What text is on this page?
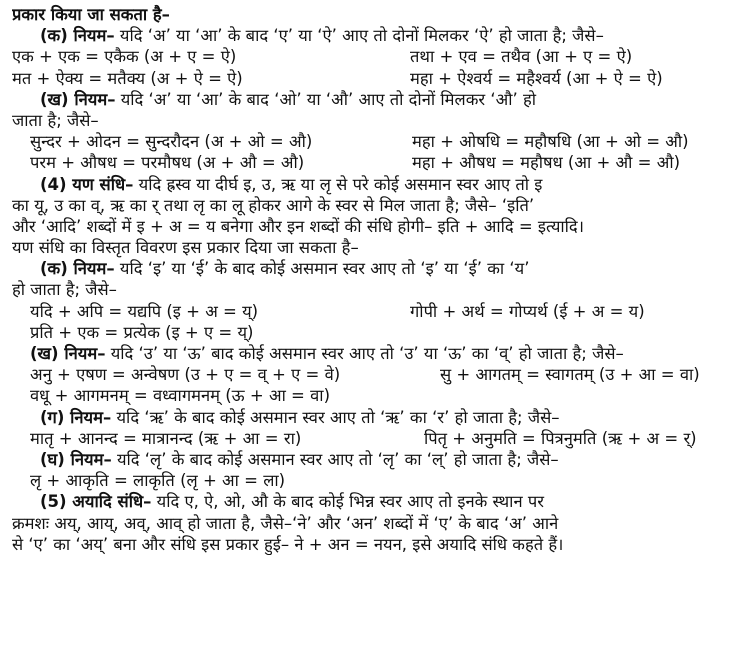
प्रकार किया जा सकता है–
(क) नियम– यदि ‘अ’ या ‘आ’ के बाद ‘ए’ या ‘ऐ’ आए तो दोनों मिलकर ‘ऐ’ हो जाता है; जैसे–
एक + एक = एकैक (अ + ए = ऐ)	तथा + एव = तथैव (आ + ए = ऐ)
मत + ऐक्य = मतैक्य (अ + ऐ = ऐ)	महा + ऐश्वर्य = महैश्वर्य (आ + ऐ = ऐ)
(ख) नियम– यदि ‘अ’ या ‘आ’ के बाद ‘ओ’ या ‘औ’ आए तो दोनों मिलकर ‘औ’ हो
जाता है; जैसे–
सुन्दर + ओदन = सुन्दरौदन (अ + ओ = औ)	महा + ओषधि = महौषधि (आ + ओ = औ)
परम + औषध = परमौषध (अ + औ = औ)	महा + औषध = महौषध (आ + औ = औ)
(4) यण संधि– यदि ह्रस्व या दीर्घ इ, उ, ऋ या लृ से परे कोई असमान स्वर आए तो इ
का यू, उ का व्, ऋ का र् तथा लृ का लू होकर आगे के स्वर से मिल जाता है; जैसे– ‘इति’
और ‘आदि’ शब्दों में इ + अ = य बनेगा और इन शब्दों की संधि होगी– इति + आदि = इत्यादि।
यण संधि का विस्तृत विवरण इस प्रकार दिया जा सकता है–
(क) नियम– यदि ‘इ’ या ‘ई’ के बाद कोई असमान स्वर आए तो ‘इ’ या ‘ई’ का ‘य’
हो जाता है; जैसे–
यदि + अपि = यद्यपि (इ + अ = य्)	गोपी + अर्थ = गोप्यर्थ (ई + अ = य)
प्रति + एक = प्रत्येक (इ + ए = य्)
(ख) नियम– यदि ‘उ’ या ‘ऊ’ बाद कोई असमान स्वर आए तो ‘उ’ या ‘ऊ’ का ‘व्’ हो जाता है; जैसे–
अनु + एषण = अन्वेषण (उ + ए = व् + ए = वे)	सु + आगतम् = स्वागतम् (उ + आ = वा)
वधू + आगमनम् = वध्वागमनम् (ऊ + आ = वा)
(ग) नियम– यदि ‘ऋ’ के बाद कोई असमान स्वर आए तो ‘ऋ’ का ‘र’ हो जाता है; जैसे–
मातृ + आनन्द = मात्रानन्द (ऋ + आ = रा)	पितृ + अनुमति = पित्रनुमति (ऋ + अ = र्)
(घ) नियम– यदि ‘लृ’ के बाद कोई असमान स्वर आए तो ‘लृ’ का ‘ल्’ हो जाता है; जैसे–
लृ + आकृति = लाकृति (लृ + आ = ला)
(5) अयादि संधि– यदि ए, ऐ, ओ, औ के बाद कोई भिन्न स्वर आए तो इनके स्थान पर
क्रमशः अय्, आय्, अव्, आव् हो जाता है, जैसे–‘ने’ और ‘अन’ शब्दों में ‘ए’ के बाद ‘अ’ आने
से ‘ए’ का ‘अय्’ बना और संधि इस प्रकार हुई– ने + अन = नयन, इसे अयादि संधि कहते हैं।
